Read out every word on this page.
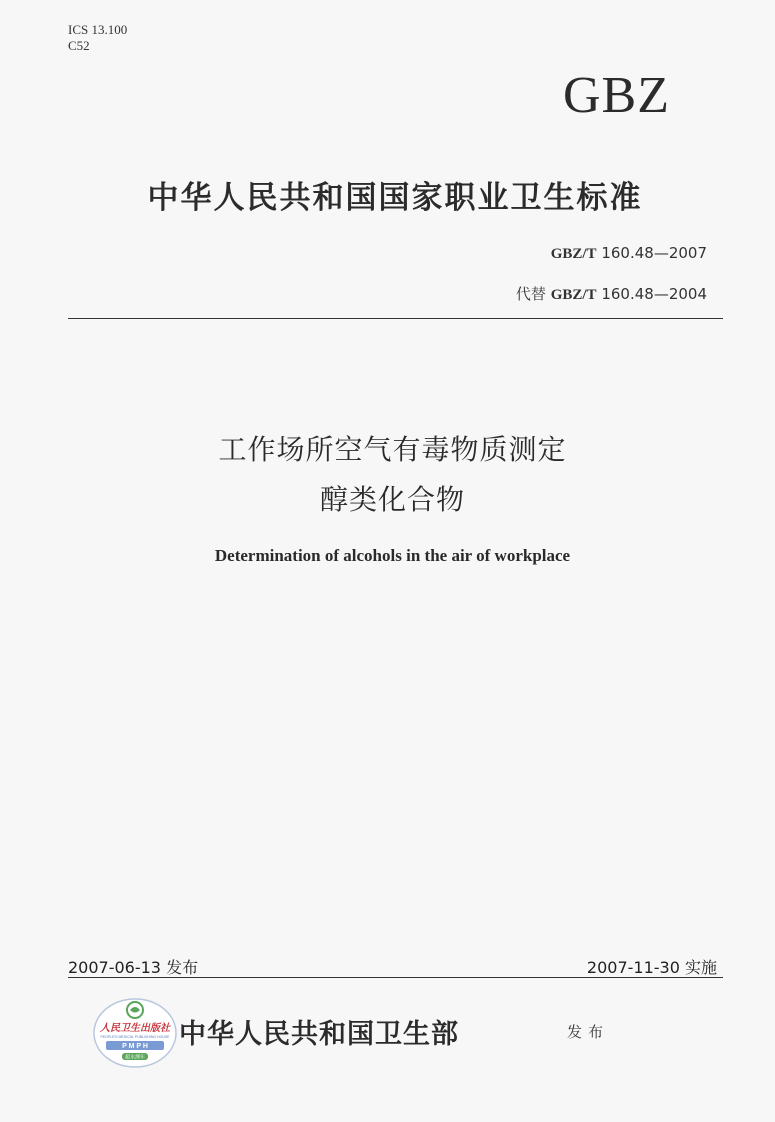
ICS 13.100
C52
GBZ
中华人民共和国国家职业卫生标准
GBZ/T 160.48—2007
代替 GBZ/T 160.48—2004
工作场所空气有毒物质测定
醇类化合物
Determination of alcohols in the air of workplace
2007-06-13 发布	2007-11-30 实施
人民卫生出版社
PEOPLE'S MEDICAL PUBLISHING HOUSE
P M P H
超水测年
中华人民共和国卫生部	发布
